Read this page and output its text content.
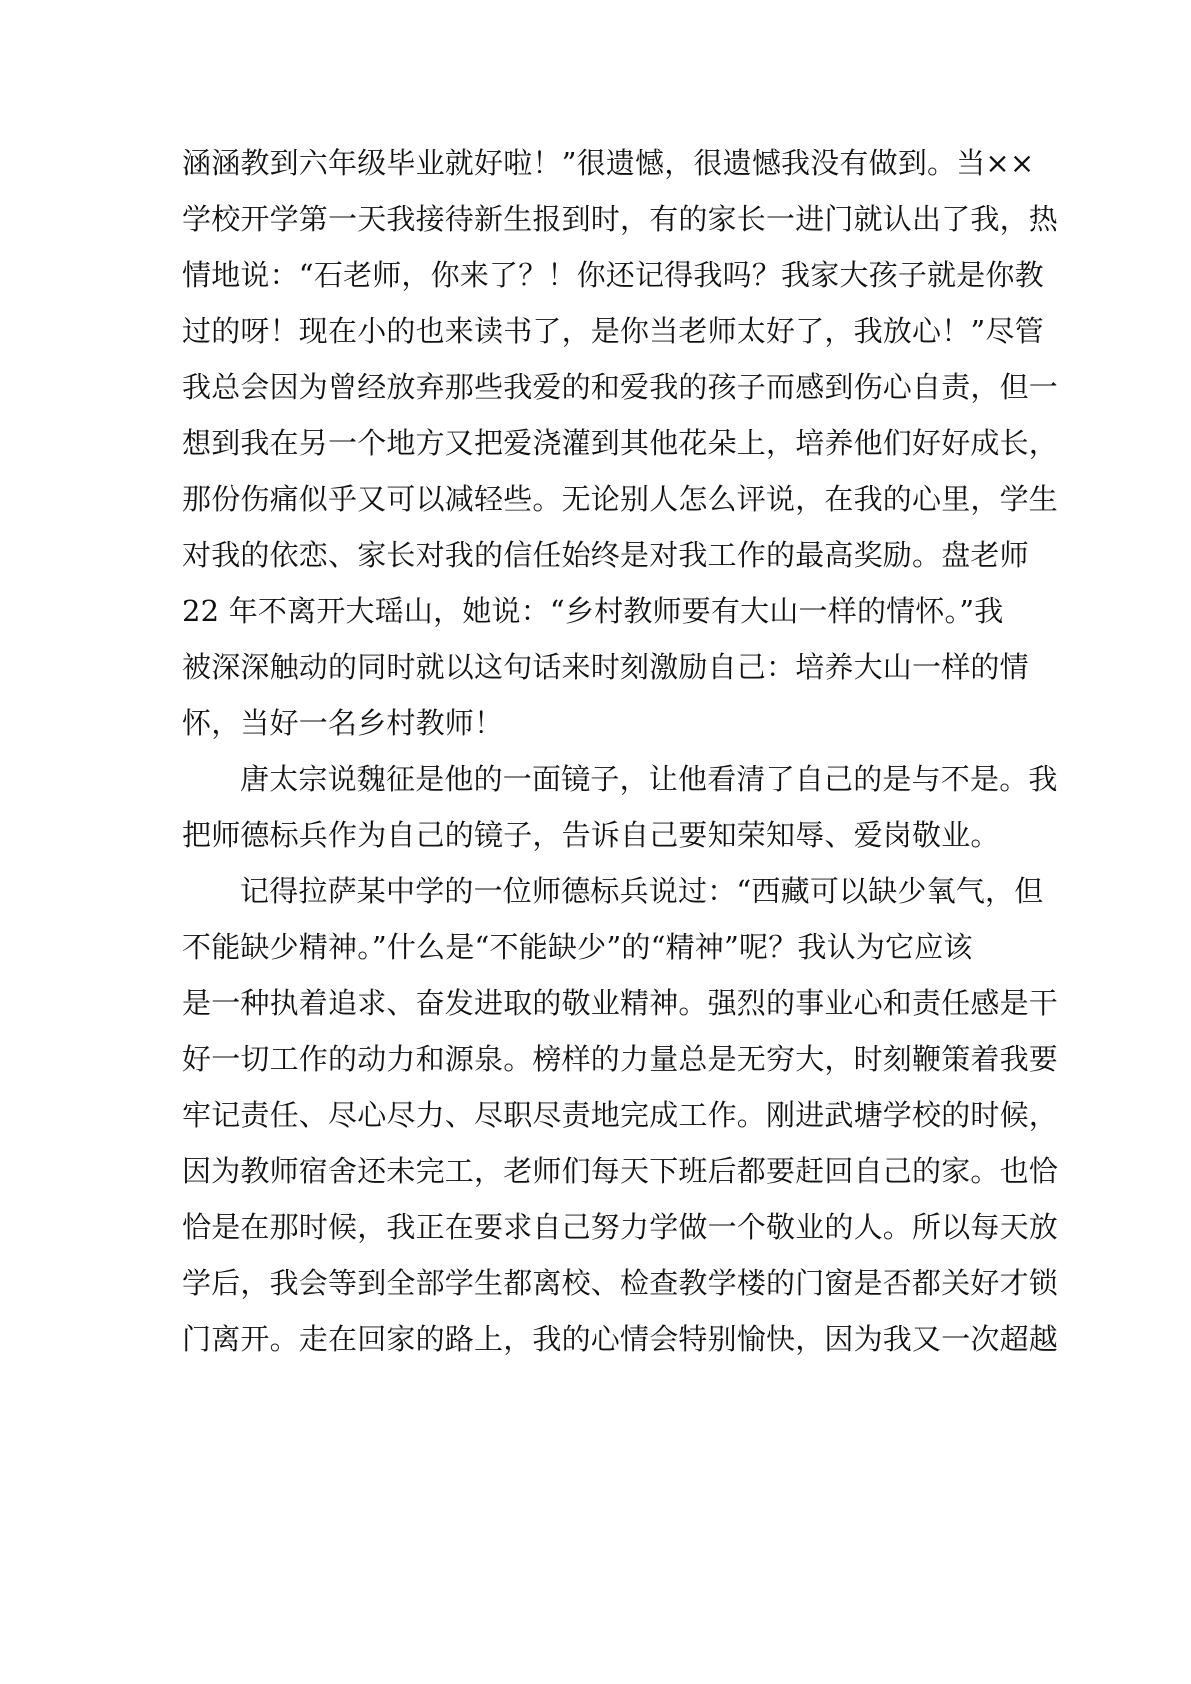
涵涵教到六年级毕业就好啦！”很遗憾，很遗憾我没有做到。当××
学校开学第一天我接待新生报到时，有的家长一进门就认出了我，热
情地说：“石老师，你来了？！你还记得我吗？我家大孩子就是你教
过的呀！现在小的也来读书了，是你当老师太好了，我放心！”尽管
我总会因为曾经放弃那些我爱的和爱我的孩子而感到伤心自责，但一
想到我在另一个地方又把爱浇灌到其他花朵上，培养他们好好成长，
那份伤痛似乎又可以减轻些。无论别人怎么评说，在我的心里，学生
对我的依恋、家长对我的信任始终是对我工作的最高奖励。盘老师
22 年不离开大瑶山，她说：“乡村教师要有大山一样的情怀。”我
被深深触动的同时就以这句话来时刻激励自己：培养大山一样的情
怀，当好一名乡村教师！
唐太宗说魏征是他的一面镜子，让他看清了自己的是与不是。我
把师德标兵作为自己的镜子，告诉自己要知荣知辱、爱岗敬业。
记得拉萨某中学的一位师德标兵说过：“西藏可以缺少氧气，但
不能缺少精神。”什么是“不能缺少”的“精神”呢？我认为它应该
是一种执着追求、奋发进取的敬业精神。强烈的事业心和责任感是干
好一切工作的动力和源泉。榜样的力量总是无穷大，时刻鞭策着我要
牢记责任、尽心尽力、尽职尽责地完成工作。刚进武塘学校的时候，
因为教师宿舍还未完工，老师们每天下班后都要赶回自己的家。也恰
恰是在那时候，我正在要求自己努力学做一个敬业的人。所以每天放
学后，我会等到全部学生都离校、检查教学楼的门窗是否都关好才锁
门离开。走在回家的路上，我的心情会特别愉快，因为我又一次超越
